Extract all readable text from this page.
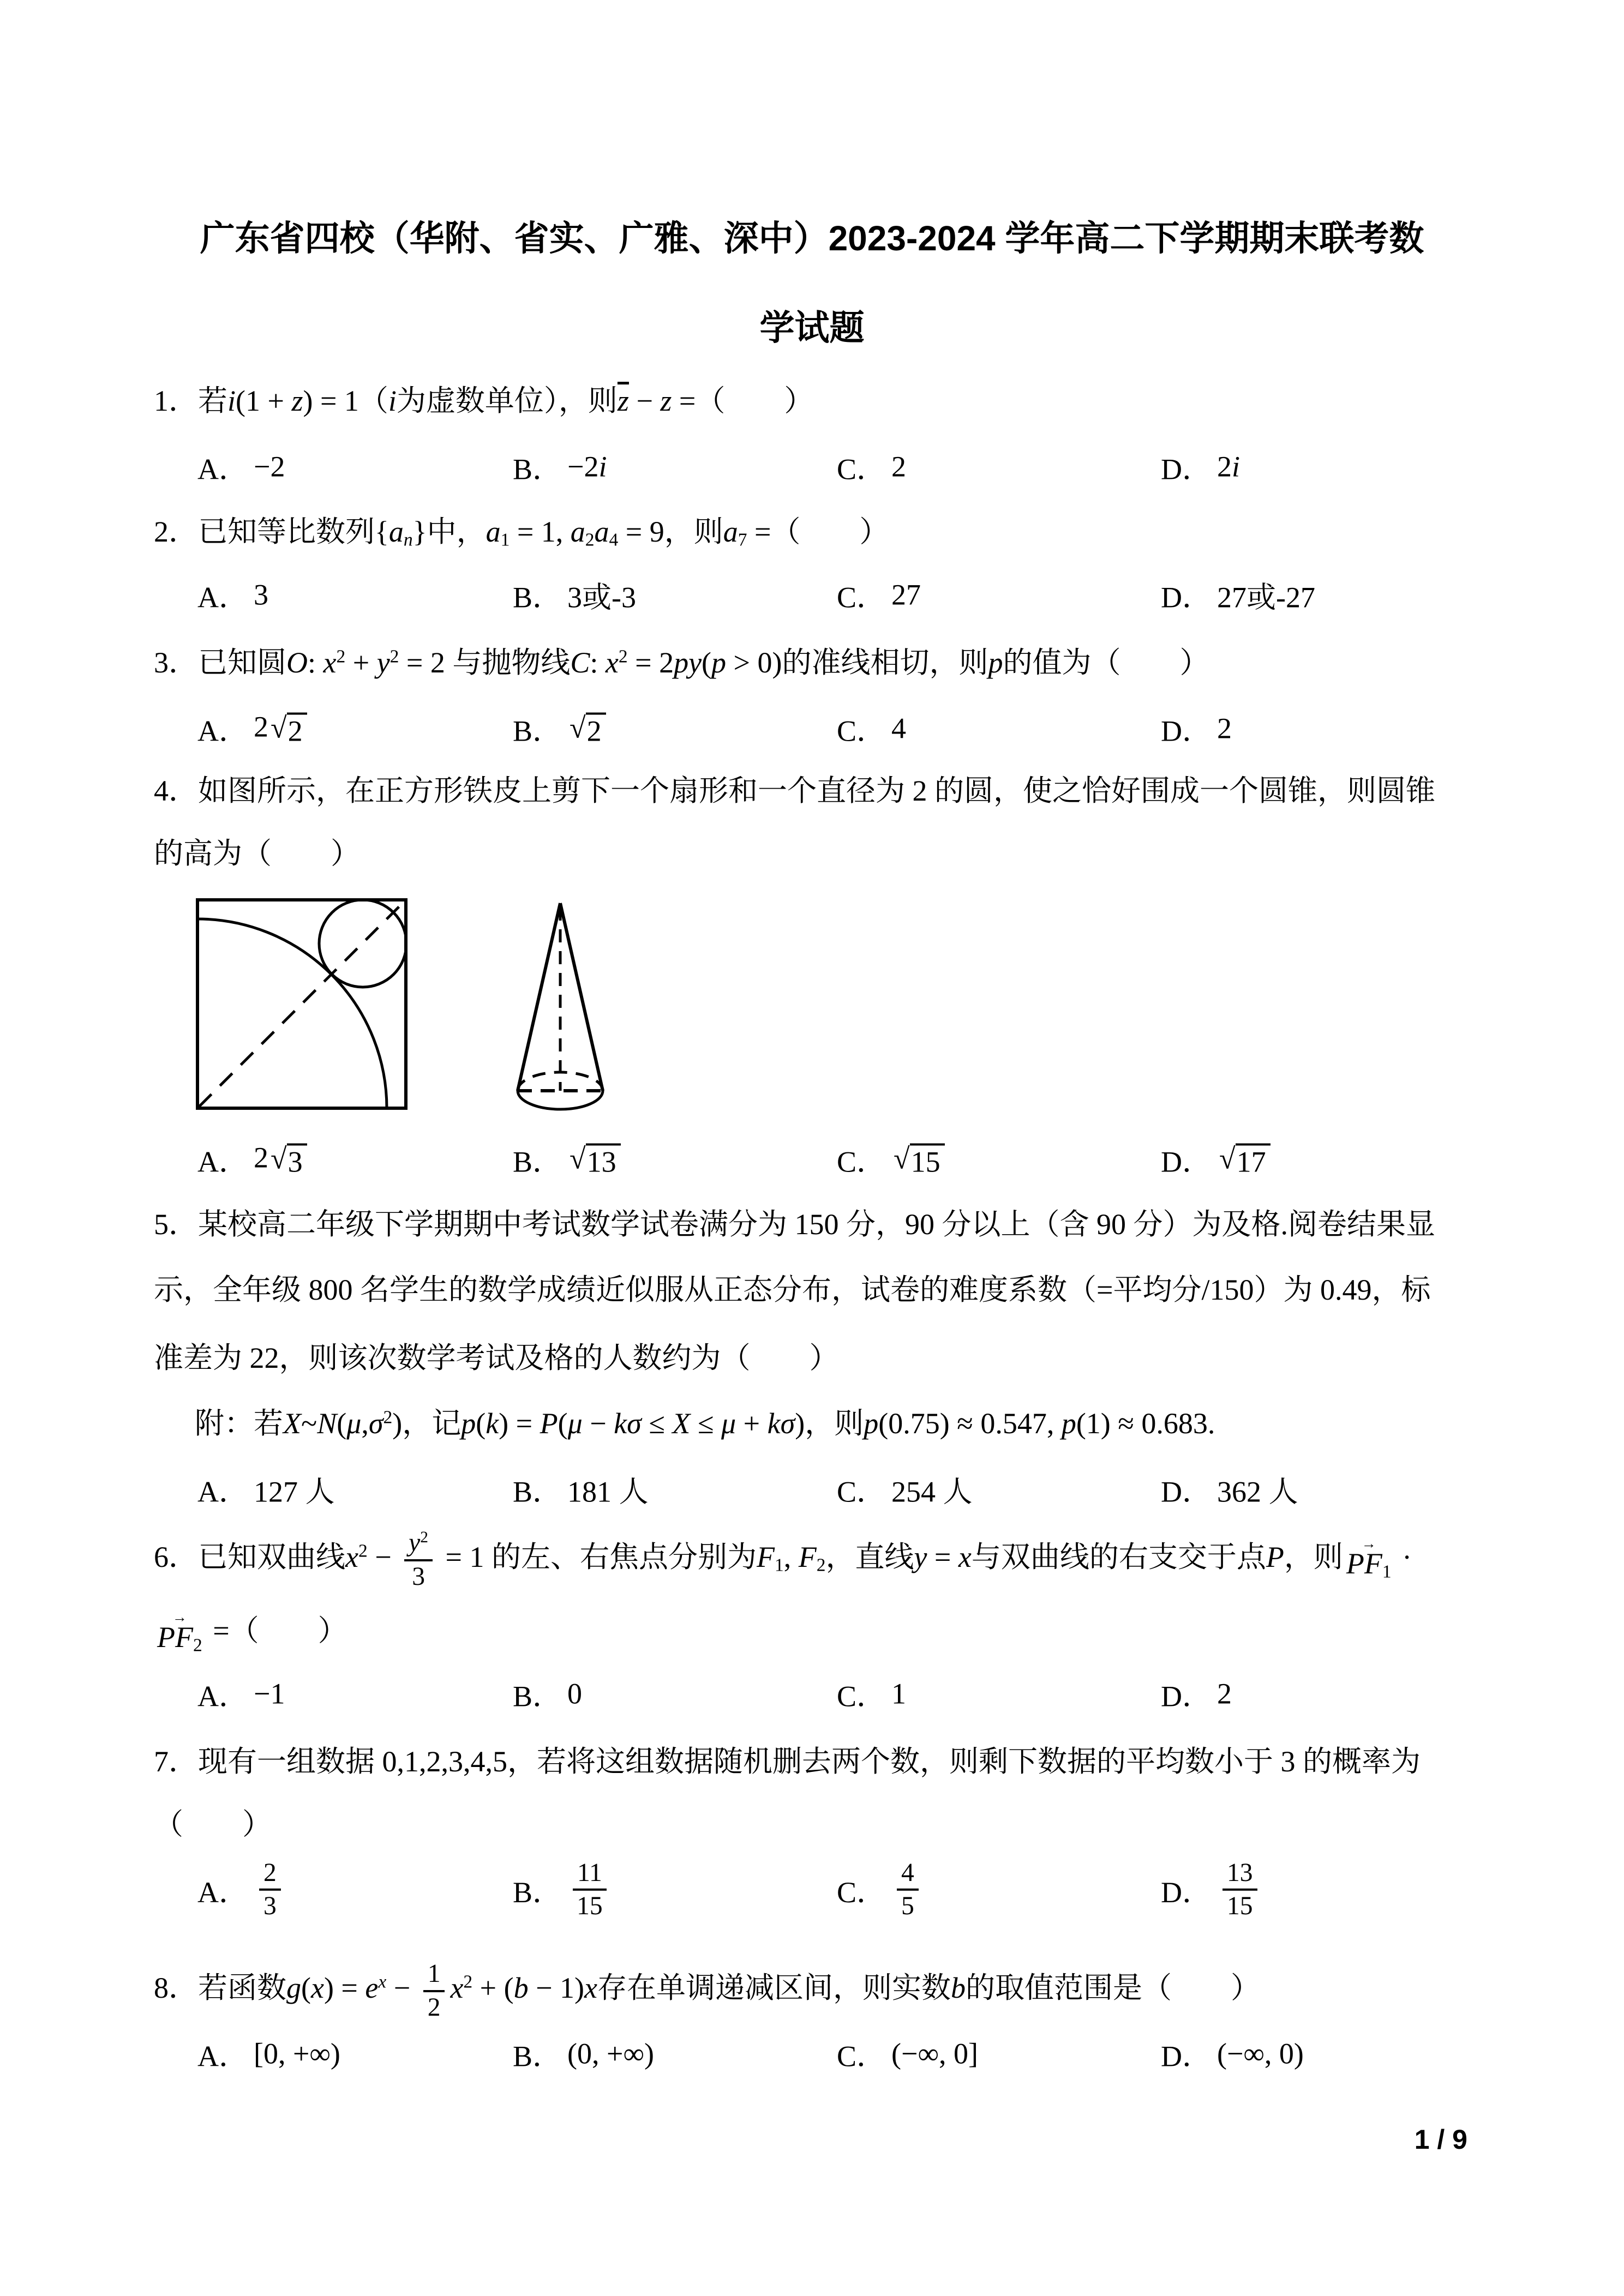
广东省四校（华附、省实、广雅、深中）2023-2024 学年高二下学期期末联考数
学试题
1．若i(1 + z) = 1（i为虚数单位），则$\overline{z} - z$ =（　　）
A． −2	B． −2i	C． 2	D． 2i
2．已知等比数列{an}中，a1 = 1, a2a4 = 9，则a7 =（　　）
A． 3	B． 3或-3	C． 27	D． 27或-27
3．已知圆O: $x^2 + y^2 = 2$ 与抛物线C: $x^2 = 2py(p > 0)$的准线相切，则p的值为（　　）
A． 2 √ 2	B． √ 2	C． 4	D． 2
4．如图所示，在正方形铁皮上剪下一个扇形和一个直径为 2 的圆，使之恰好围成一个圆锥，则圆锥
的高为（　　）
A． 2 √ 3	B． √ 13	C． √ 15	D． √ 17
5．某校高二年级下学期期中考试数学试卷满分为 150 分，90 分以上（含 90 分）为及格.阅卷结果显
示，全年级 800 名学生的数学成绩近似服从正态分布，试卷的难度系数（=平均分/150）为 0.49，标
准差为 22，则该次数学考试及格的人数约为（　　）
附：若$X\sim N(\mu,\sigma^2)$，记p(k) = P(μ − kσ ≤ X ≤ μ + kσ)，则p(0.75) ≈ 0.547, p(1) ≈ 0.683.
A． 127 人	B． 181 人	C． 254 人	D． 362 人
6．已知双曲线$x^2 - \frac{y^2}{3} = 1$ 的左、右焦点分别为F1, F2，直线y = x与双曲线的右支交于点P，则 →
PF1 ·
→
PF2 =（　　）
A． −1	B． 0	C． 1	D． 2
7．现有一组数据 0,1,2,3,4,5，若将这组数据随机删去两个数，则剩下数据的平均数小于 3 的概率为
（　　）
A． $\frac{2}{3}$	B． $\frac{11}{15}$	C． $\frac{4}{5}$	D． $\frac{13}{15}$
8．若函数$g(x) = e^x - \frac{1}{2} x^2 + (b - 1)x$存在单调递减区间，则实数b的取值范围是（　　）
A． [0, +∞)	B． (0, +∞)	C． (−∞, 0]	D． (−∞, 0)
1 / 9
